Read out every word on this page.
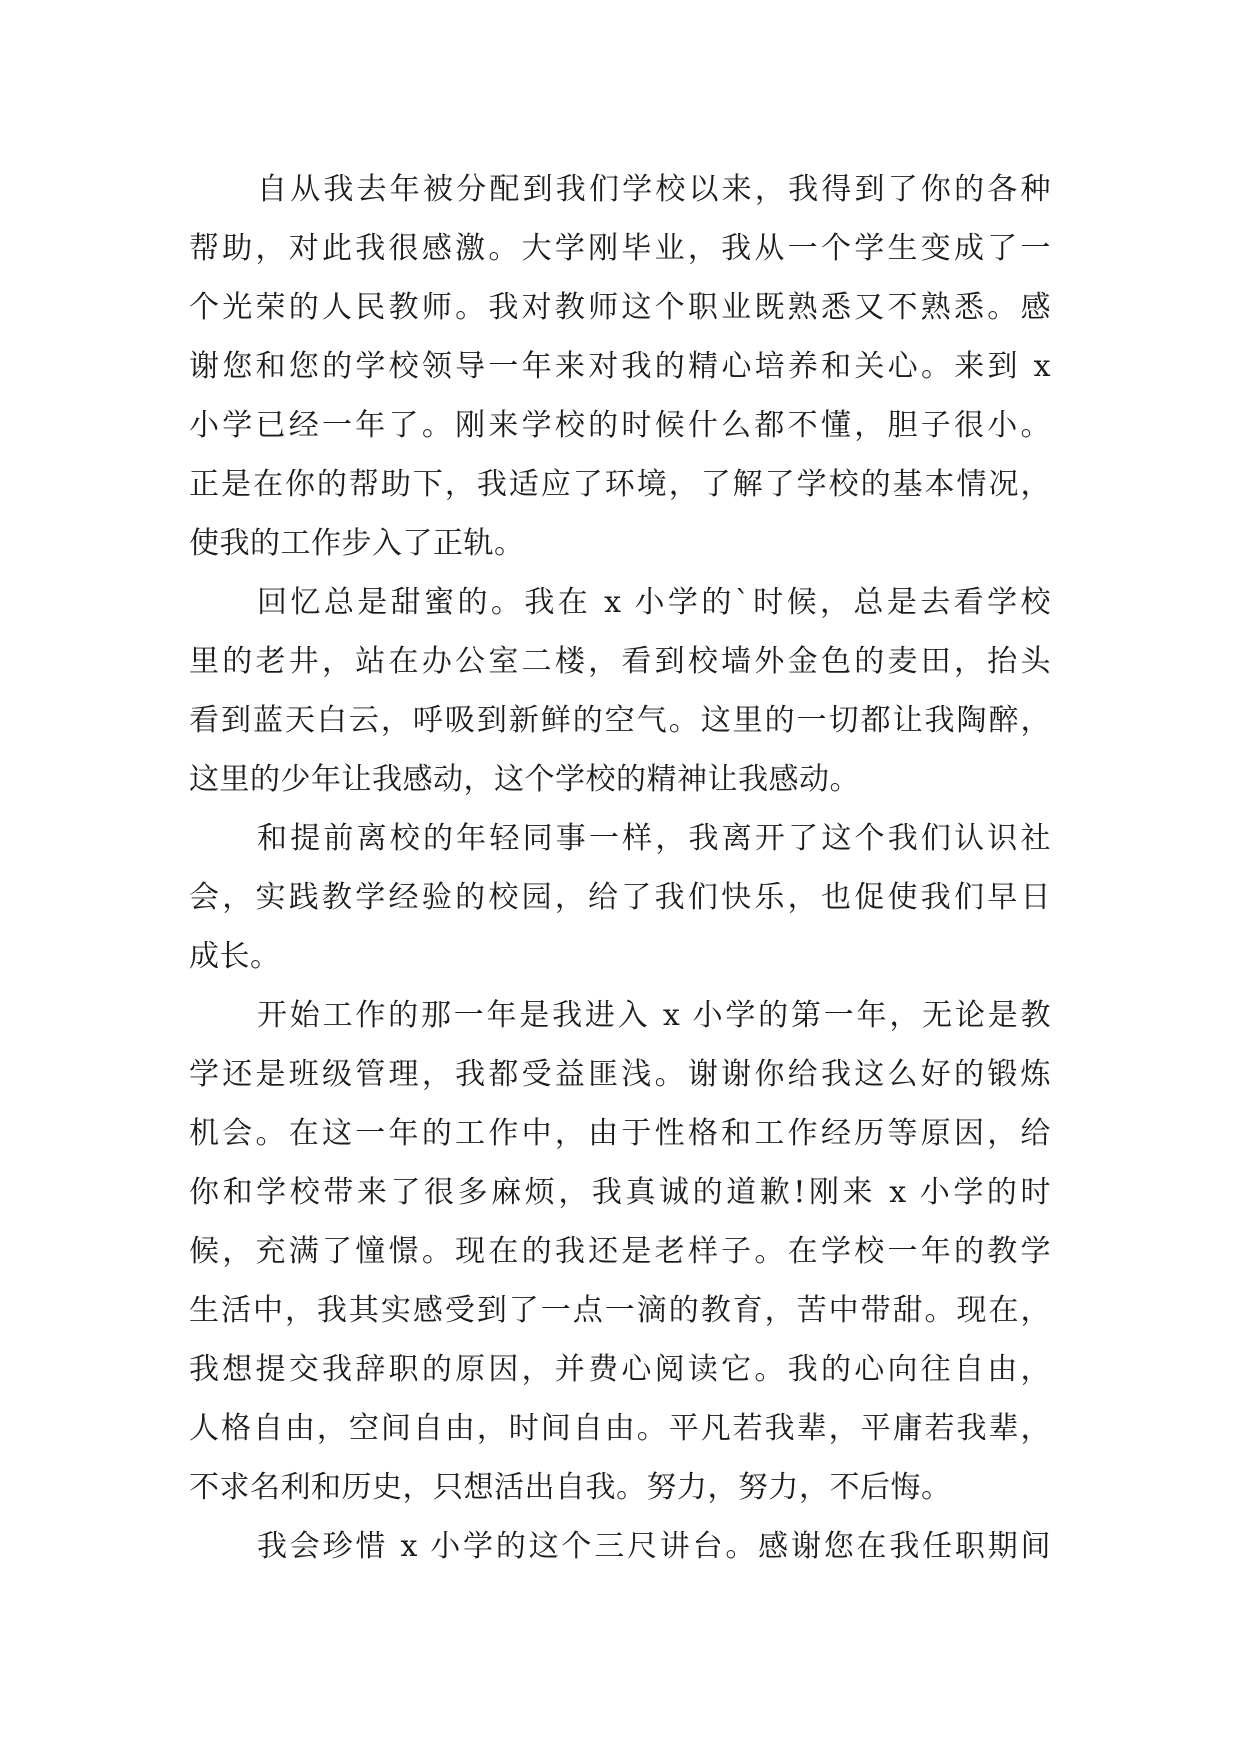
自从我去年被分配到我们学校以来，我得到了你的各种
帮助，对此我很感激。大学刚毕业，我从一个学生变成了一
个光荣的人民教师。我对教师这个职业既熟悉又不熟悉。感
谢您和您的学校领导一年来对我的精心培养和关心。来到 x
小学已经一年了。刚来学校的时候什么都不懂，胆子很小。
正是在你的帮助下，我适应了环境，了解了学校的基本情况，
使我的工作步入了正轨。
回忆总是甜蜜的。我在 x 小学的`时候，总是去看学校
里的老井，站在办公室二楼，看到校墙外金色的麦田，抬头
看到蓝天白云，呼吸到新鲜的空气。这里的一切都让我陶醉，
这里的少年让我感动，这个学校的精神让我感动。
和提前离校的年轻同事一样，我离开了这个我们认识社
会，实践教学经验的校园，给了我们快乐，也促使我们早日
成长。
开始工作的那一年是我进入 x 小学的第一年，无论是教
学还是班级管理，我都受益匪浅。谢谢你给我这么好的锻炼
机会。在这一年的工作中，由于性格和工作经历等原因，给
你和学校带来了很多麻烦，我真诚的道歉!刚来 x 小学的时
候，充满了憧憬。现在的我还是老样子。在学校一年的教学
生活中，我其实感受到了一点一滴的教育，苦中带甜。现在，
我想提交我辞职的原因，并费心阅读它。我的心向往自由，
人格自由，空间自由，时间自由。平凡若我辈，平庸若我辈，
不求名利和历史，只想活出自我。努力，努力，不后悔。
我会珍惜 x 小学的这个三尺讲台。感谢您在我任职期间
